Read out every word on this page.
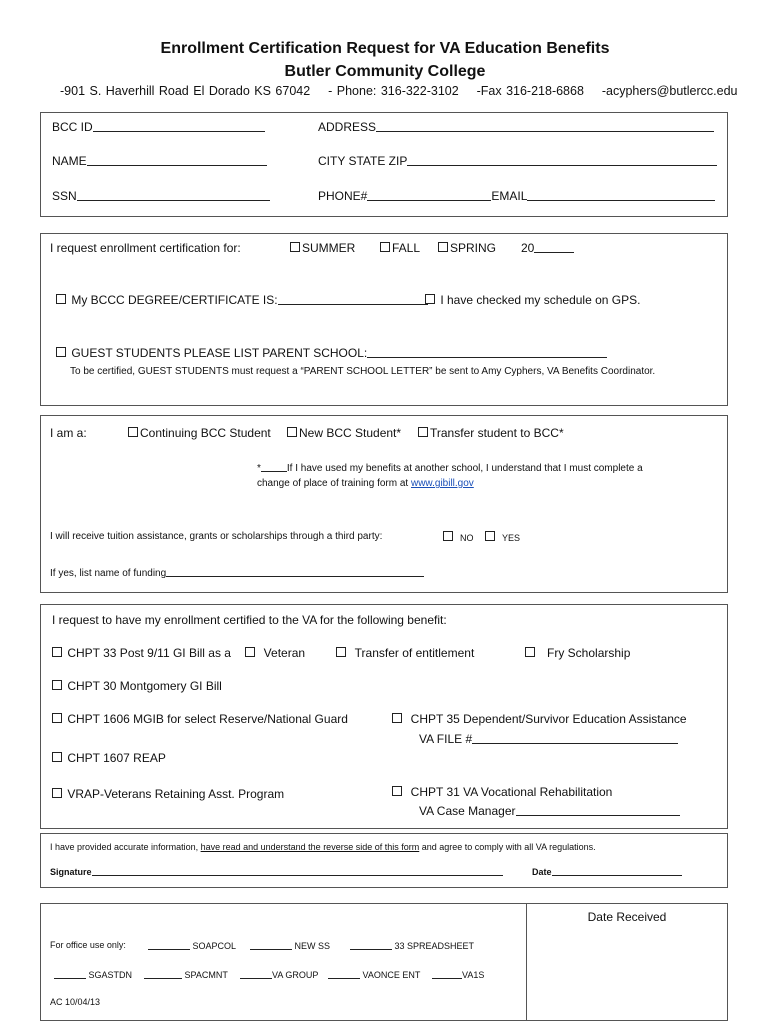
Enrollment Certification Request for VA Education Benefits
Butler Community College
-901 S. Haverhill Road El Dorado KS 67042 - Phone: 316-322-3102 -Fax 316-218-6868 -acyphers@butlercc.edu
BCC ID	ADDRESS
NAME	CITY STATE ZIP
SSN	PHONE#	EMAIL
I request enrollment certification for:	SUMMER	FALL	SPRING 20
My BCCC DEGREE/CERTIFICATE IS:	I have checked my schedule on GPS.
GUEST STUDENTS PLEASE LIST PARENT SCHOOL:
To be certified, GUEST STUDENTS must request a “PARENT SCHOOL LETTER” be sent to Amy Cyphers, VA Benefits Coordinator.
I am a:	Continuing BCC Student	New BCC Student*	Transfer student to BCC*
*	If I have used my benefits at another school, I understand that I must complete a
change of place of training form at www.gibill.gov
I will receive tuition assistance, grants or scholarships through a third party:	NO	YES
If yes, list name of funding
I request to have my enrollment certified to the VA for the following benefit:
CHPT 33 Post 9/11 GI Bill as a	Veteran	Transfer of entitlement	Fry Scholarship
CHPT 30 Montgomery GI Bill
CHPT 1606 MGIB for select Reserve/National Guard	CHPT 35 Dependent/Survivor Education Assistance
VA FILE #
CHPT 1607 REAP
VRAP-Veterans Retaining Asst. Program	CHPT 31 VA Vocational Rehabilitation
VA Case Manager
I have provided accurate information, have read and understand the reverse side of this form and agree to comply with all VA regulations.
Signature	Date
Date Received
For office use only:	SOAPCOL	NEW SS	33 SPREADSHEET
SGASTDN	SPACMNT	VA GROUP	VAONCE ENT	VA1S
AC 10/04/13
